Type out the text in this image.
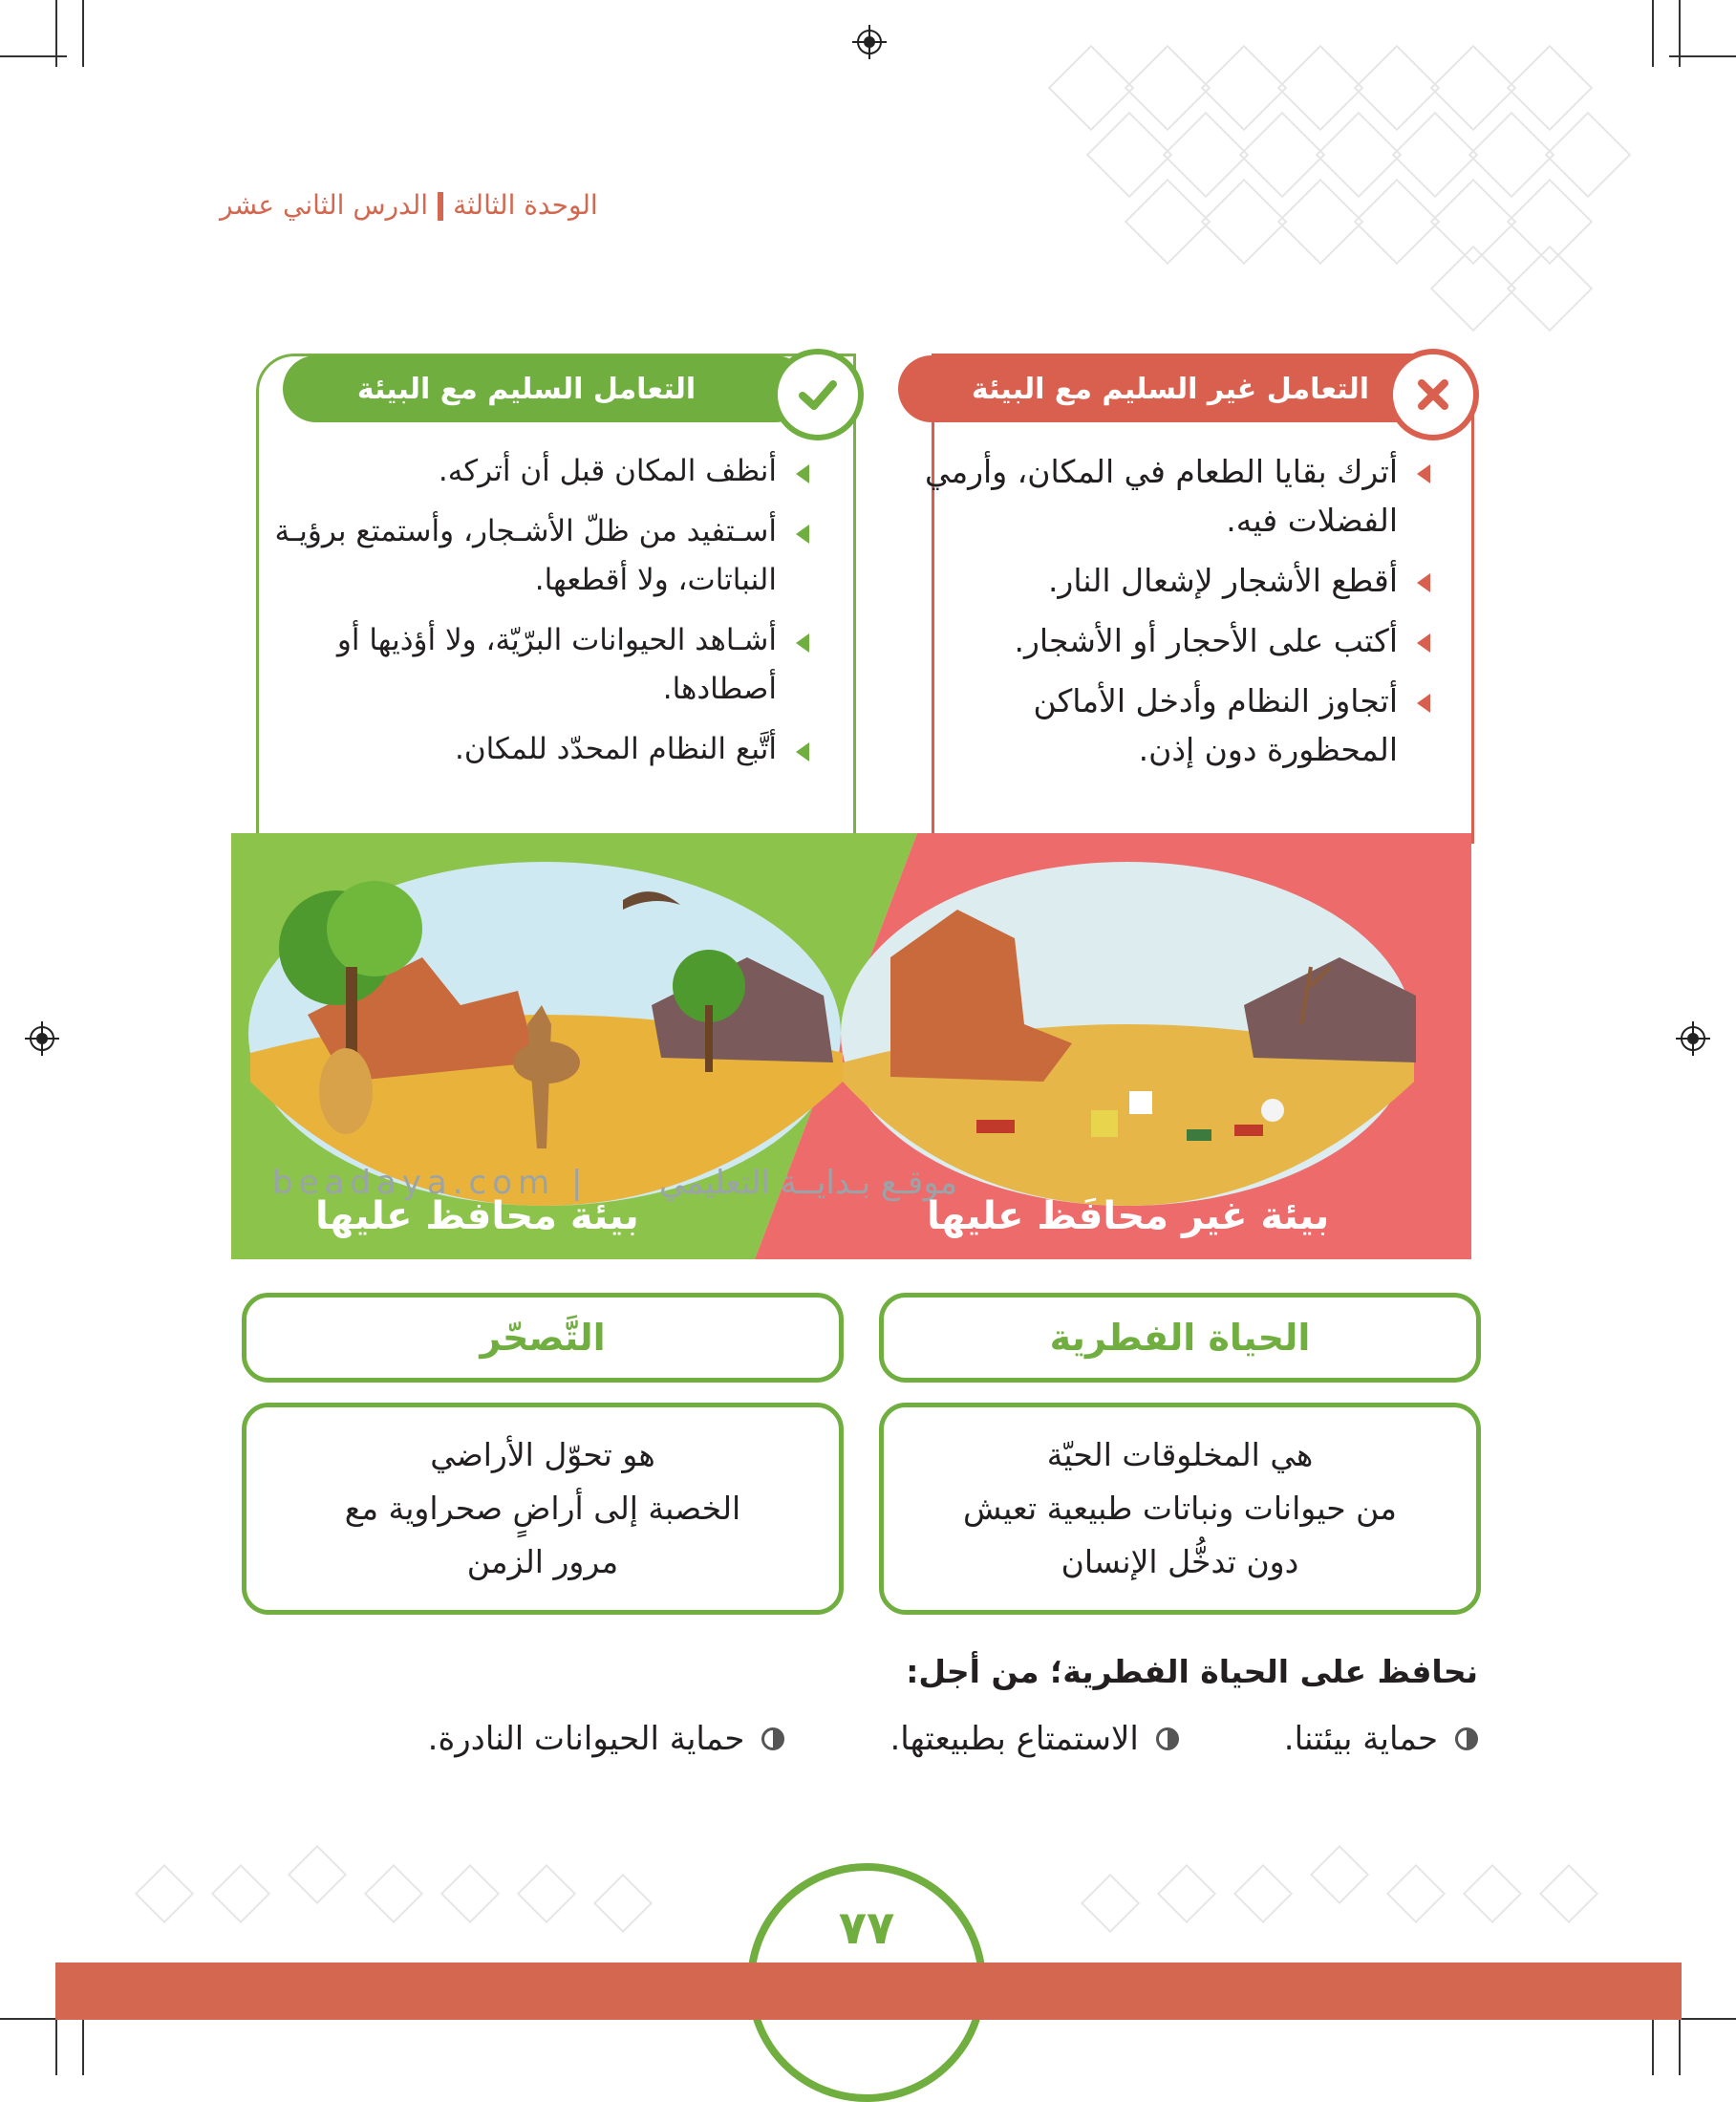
الوحدة الثالثةالدرس الثاني عشر
التعامل السليم مع البيئة
أنظف المكان قبل أن أتركه.
أسـتفيد من ظلّ الأشـجار، وأستمتع برؤيـة النباتات، ولا أقطعها.
أشـاهد الحيوانات البرّيّة، ولا أؤذيها أو أصطادها.
أتَّبع النظام المحدّد للمكان.
التعامل غير السليم مع البيئة
أترك بقايا الطعام في المكان، وأرمي الفضلات فيه.
أقطع الأشجار لإشعال النار.
أكتب على الأحجار أو الأشجار.
أتجاوز النظام وأدخل الأماكن المحظورة دون إذن.
beadaya.com | موقـع بـدايــة التعليمي
بيئة محافظ عليها	بيئة غير محافَظ عليها
التَّصحّر	الحياة الفطرية
هو تحوّل الأراضي
الخصبة إلى أراضٍ صحراوية مع
مرور الزمن
هي المخلوقات الحيّة
من حيوانات ونباتات طبيعية تعيش
دون تدخُّل الإنسان
نحافظ على الحياة الفطرية؛ من أجل:
حماية بيئتنا.
الاستمتاع بطبيعتها.
حماية الحيوانات النادرة.
٧٧
